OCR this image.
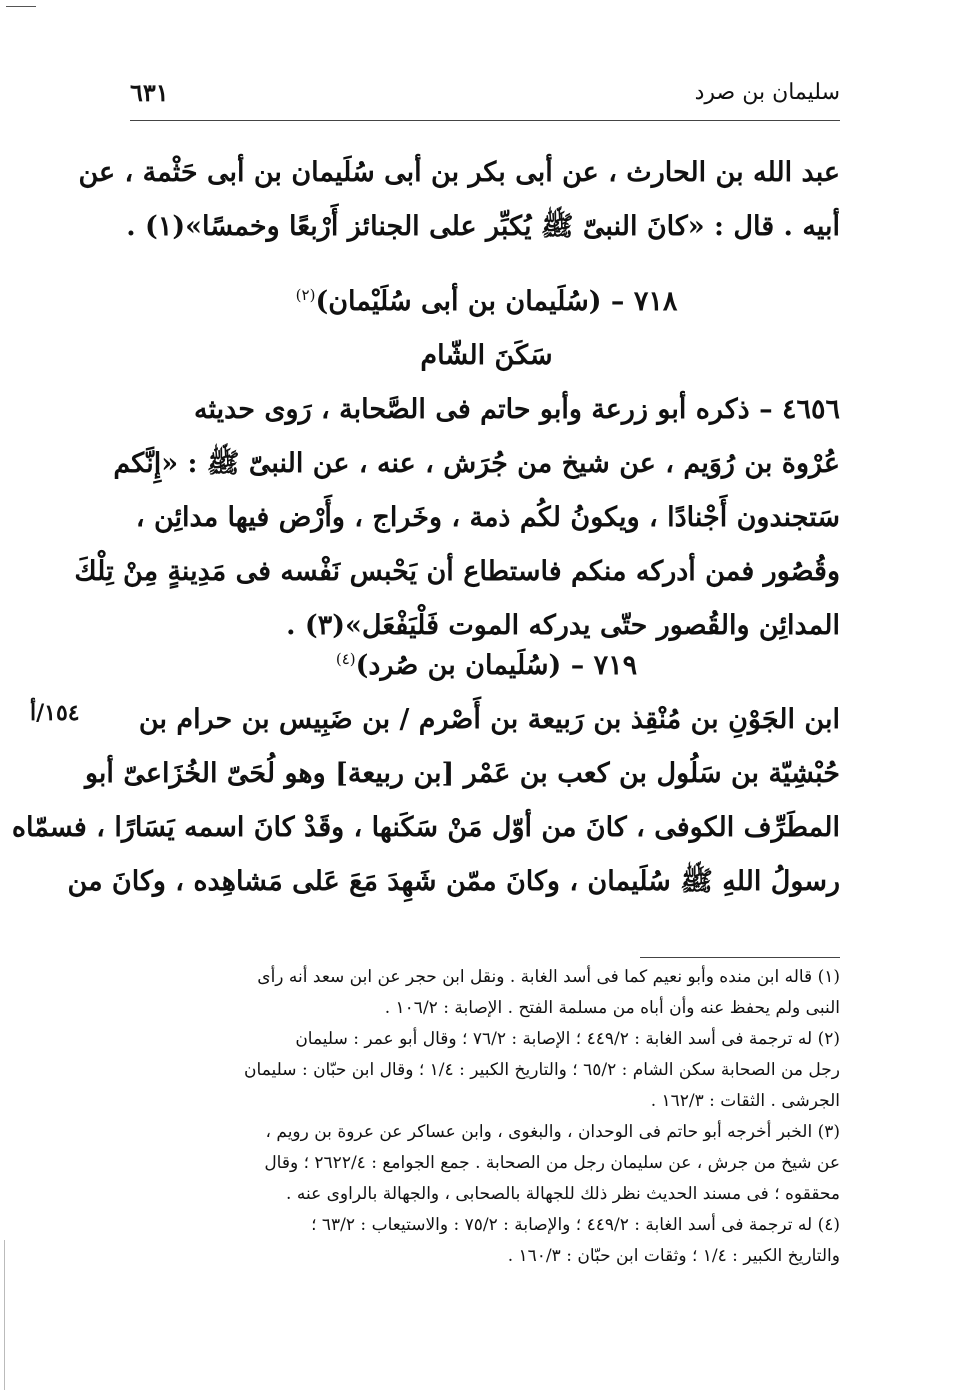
سليمان بن صرد
٦٣١
عبد الله بن الحارث ، عن أبى بكر بن أبى سُلَيمان بن أبى حَثْمة ، عن
أبيه . قال : «كانَ النبىّ ﷺ يُكبِّر على الجنائز أَرْبعًا وخمسًا»(١) .
٧١٨ – (سُلَيمان بن أبى سُلَيْمان)$^{(٢)}$
سَكَنَ الشّام
٤٦٥٦ – ذكره أبو زرعة وأبو حاتم فى الصَّحابة ، رَوى حديثه
عُرْوة بن رُوَيم ، عن شيخ من جُرَش ، عنه ، عن النبىّ ﷺ : «إِنَّكم
سَتجندون أَجْنادًا ، ويكونُ لكُم ذمة ، وخَراج ، وأَرْض فيها مدائِن ،
وقُصُور فمن أدركه منكم فاستطاع أن يَحْبس نَفْسه فى مَدِينةٍ مِنْ تِلْكَ
المدائِن والقُصور حتّى يدركه الموت فَلْيَفْعَل»(٣) .
٧١٩ – (سُلَيمان بن صُرد)$^{(٤)}$
ابن الجَوْنِ بن مُنْقِذ بن رَبيعة بن أَصْرم / بن ضَبِيس بن حرام بن
حُبْشِيّة بن سَلُول بن كعب بن عَمْر [بن ربيعة] وهو لُحَىّ الخُزَاعىّ أبو
المطَرِّف الكوفى ، كانَ من أوّل مَنْ سَكَنها ، وقَدْ كانَ اسمه يَسَارًا ، فسمّاه
رسولُ اللهِ ﷺ سُلَيمان ، وكانَ ممّن شَهِدَ مَعَ عَلى مَشاهِده ، وكانَ من
١٥٤/أ

(١) قاله ابن منده وأبو نعيم كما فى أسد الغابة . ونقل ابن حجر عن ابن سعد أنه رأى

النبى ولم يحفظ عنه وأن أباه من مسلمة الفتح . الإصابة : ١٠٦/٢ .

(٢) له ترجمة فى أسد الغابة : ٤٤٩/٢ ؛ الإصابة : ٧٦/٢ ؛ وقال أبو عمر : سليمان

رجل من الصحابة سكن الشام : ٦٥/٢ ؛ والتاريخ الكبير : ١/٤ ؛ وقال ابن حبّان : سليمان

الجرشى . الثقات : ١٦٢/٣ .

(٣) الخبر أخرجه أبو حاتم فى الوحدان ، والبغوى ، وابن عساكر عن عروة بن رويم ،

عن شيخ من جرش ، عن سليمان رجل من الصحابة . جمع الجوامع : ٢٦٢٢/٤ ؛ وقال

محققوه ؛ فى مسند الحديث نظر ذلك للجهالة بالصحابى ، والجهالة بالراوى عنه .

(٤) له ترجمة فى أسد الغابة : ٤٤٩/٢ ؛ والإصابة : ٧٥/٢ : والاستيعاب : ٦٣/٢ ؛

والتاريخ الكبير : ١/٤ ؛ وثقات ابن حبّان : ١٦٠/٣ .
